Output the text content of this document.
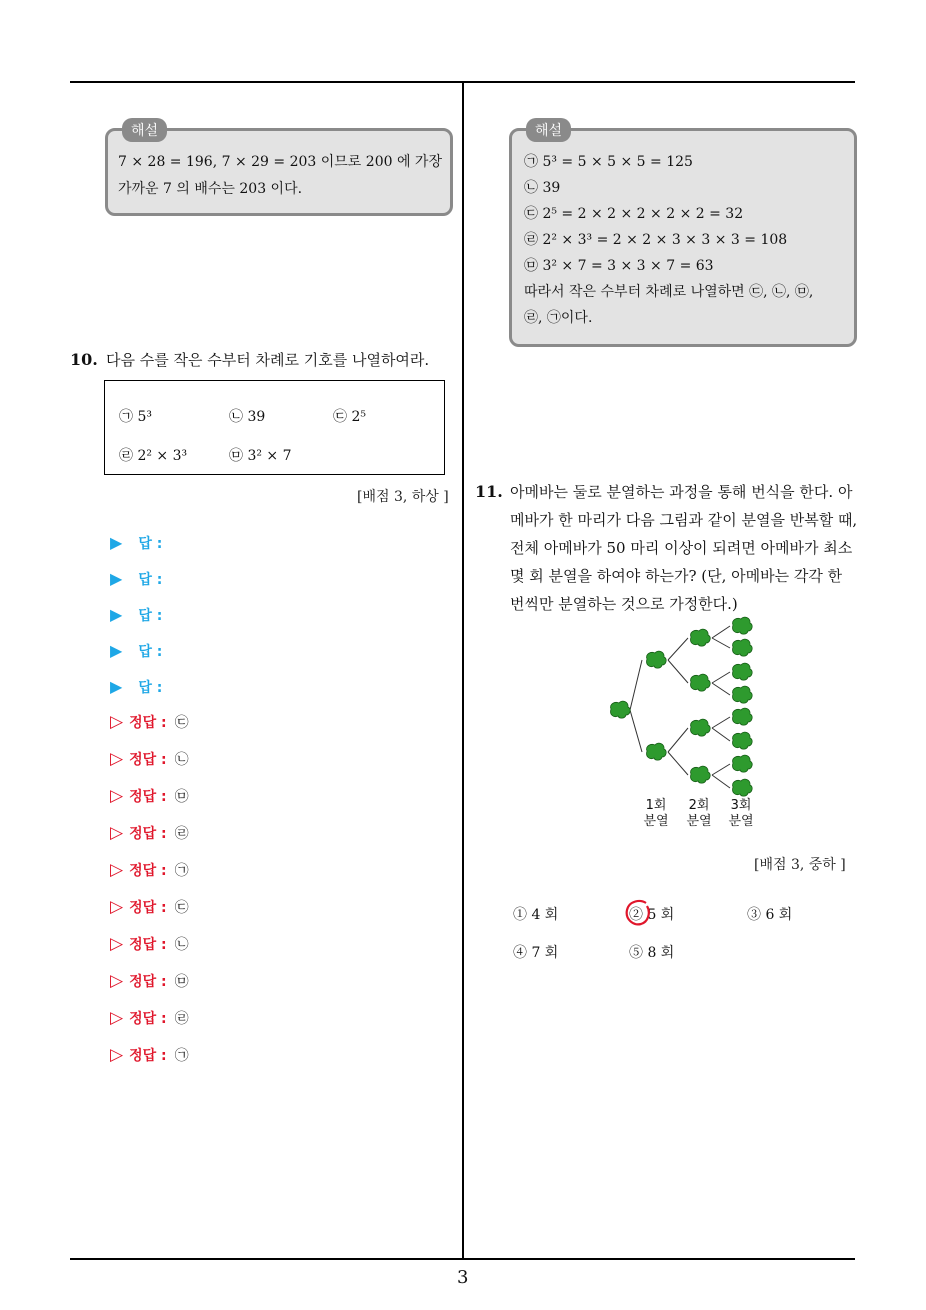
해설
7 × 28 = 196, 7 × 29 = 203 이므로 200 에 가장
가까운 7 의 배수는 203 이다.
10. 다음 수를 작은 수부터 차례로 기호를 나열하여라.
㉠ 5³	㉡ 39	㉢ 2⁵
㉣ 2² × 3³	㉤ 3² × 7
[배점 3, 하상 ]
▶ 답 :
▶ 답 :
▶ 답 :
▶ 답 :
▶ 답 :
▷ 정답 : ㉢
▷ 정답 : ㉡
▷ 정답 : ㉤
▷ 정답 : ㉣
▷ 정답 : ㉠
▷ 정답 : ㉢
▷ 정답 : ㉡
▷ 정답 : ㉤
▷ 정답 : ㉣
▷ 정답 : ㉠
해설
㉠ 5³ = 5 × 5 × 5 = 125
㉡ 39
㉢ 2⁵ = 2 × 2 × 2 × 2 × 2 = 32
㉣ 2² × 3³ = 2 × 2 × 3 × 3 × 3 = 108
㉤ 3² × 7 = 3 × 3 × 7 = 63
따라서 작은 수부터 차례로 나열하면 ㉢, ㉡, ㉤,
㉣, ㉠이다.
11. 아메바는 둘로 분열하는 과정을 통해 번식을 한다. 아
메바가 한 마리가 다음 그림과 같이 분열을 반복할 때,
전체 아메바가 50 마리 이상이 되려면 아메바가 최소
몇 회 분열을 하여야 하는가? (단, 아메바는 각각 한
번씩만 분열하는 것으로 가정한다.)
1회
분열
2회
분열
3회
분열
[배점 3, 중하 ]
① 4 회	② 5 회	③ 6 회
④ 7 회	⑤ 8 회
3
